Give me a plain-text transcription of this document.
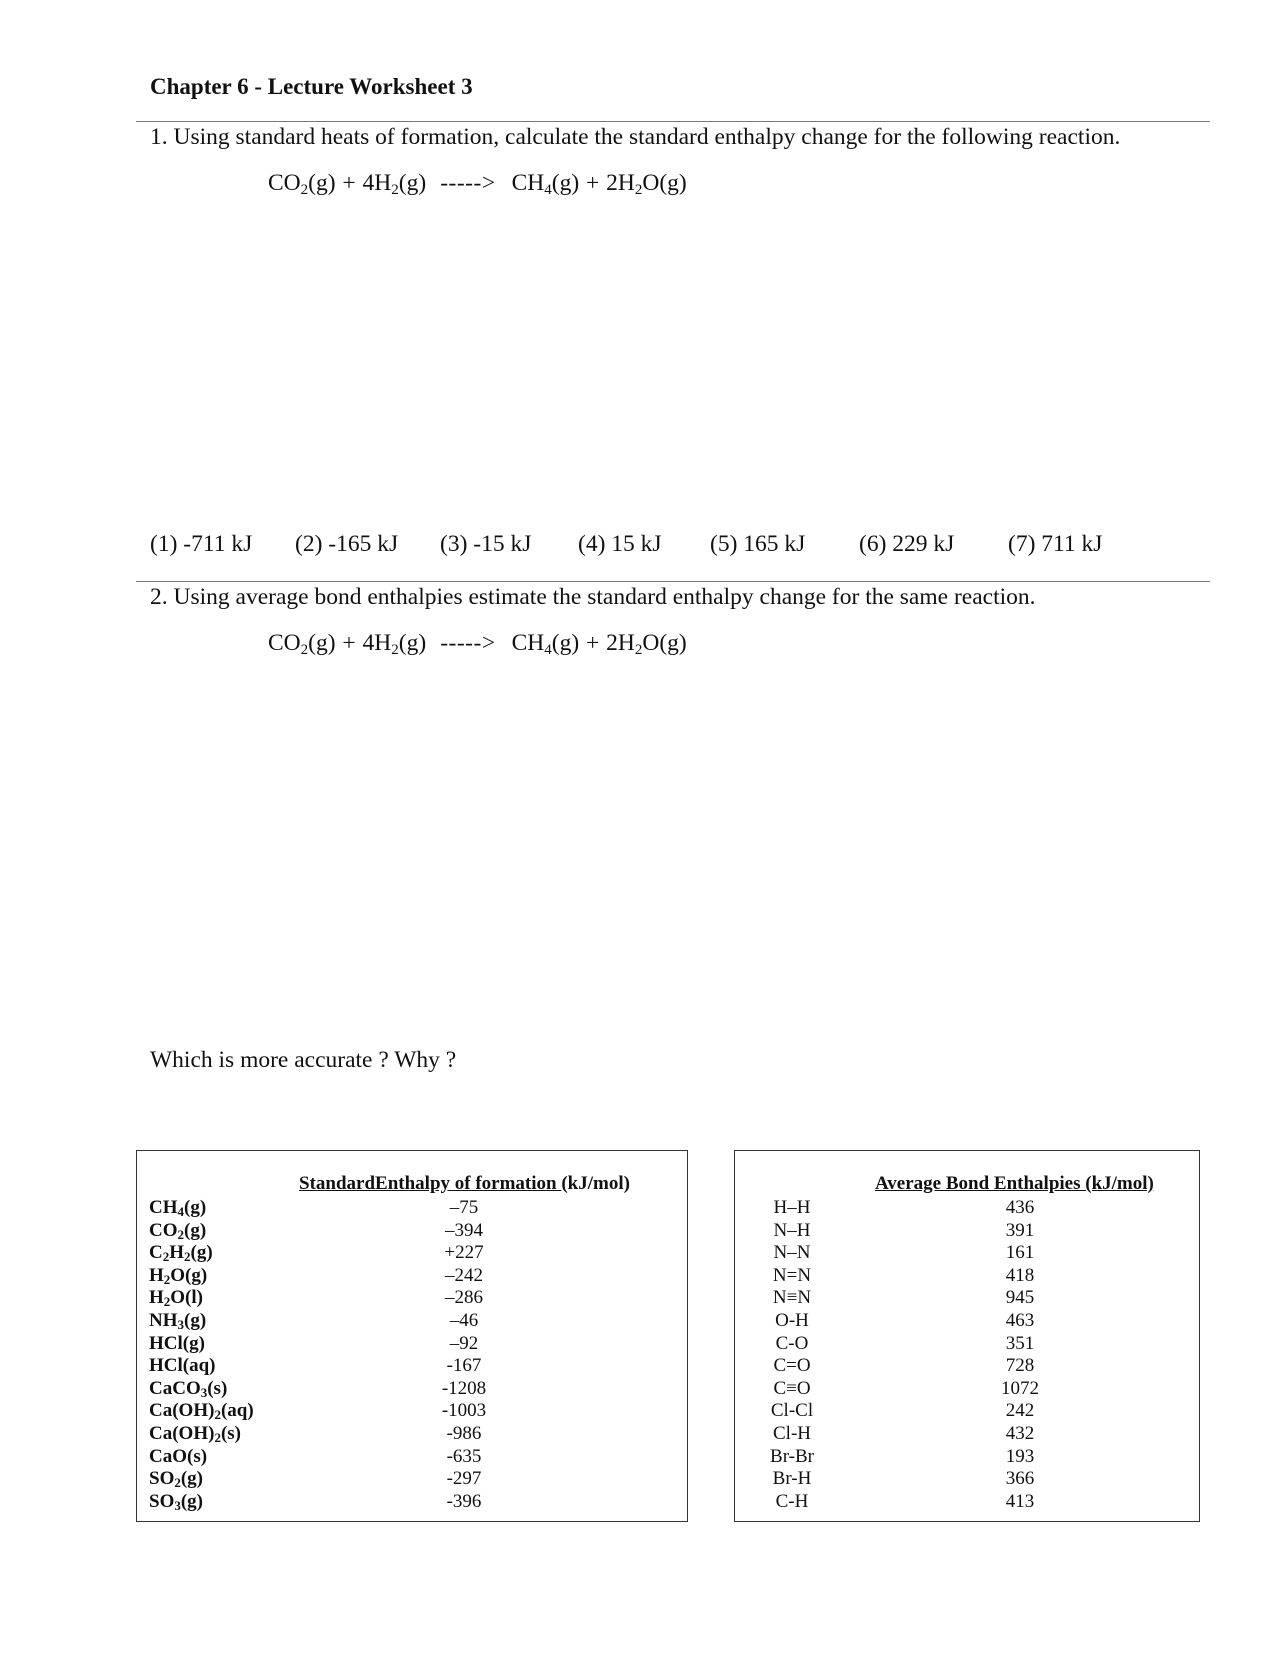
Chapter 6 - Lecture Worksheet 3
1. Using standard heats of formation, calculate the standard enthalpy change for the following reaction.
$CO_2(g) + 4H_2(g)$ -----> $CH_4(g) + 2H_2O(g)$
(1) -711 kJ (2) -165 kJ (3) -15 kJ (4) 15 kJ (5) 165 kJ (6) 229 kJ (7) 711 kJ
2. Using average bond enthalpies estimate the standard enthalpy change for the same reaction.
$CO_2(g) + 4H_2(g)$ -----> $CH_4(g) + 2H_2O(g)$
Which is more accurate ? Why ?
StandardEnthalpy of formation (kJ/mol)
$CH_4(g)$
$CO_2(g)$
$C_2H_2(g)$
$H_2O(g)$
$H_2O(l)$
$NH_3(g)$
HCl(g)
HCl(aq)
CaCO$_3$(s)
$Ca(OH)_2(aq)$
$Ca(OH)_2(s)$
CaO(s)
$SO_2(g)$
$SO_3(g)$
–75
–394
+227
–242
–286
–46
–92
-167
-1208
-1003
-986
-635
-297
-396
Average Bond Enthalpies (kJ/mol)
H–H
N–H
N–N
N=N
N≡N
O-H
C-O
C=O
C≡O
Cl-Cl
Cl-H
Br-Br
Br-H
C-H
436
391
161
418
945
463
351
728
1072
242
432
193
366
413
